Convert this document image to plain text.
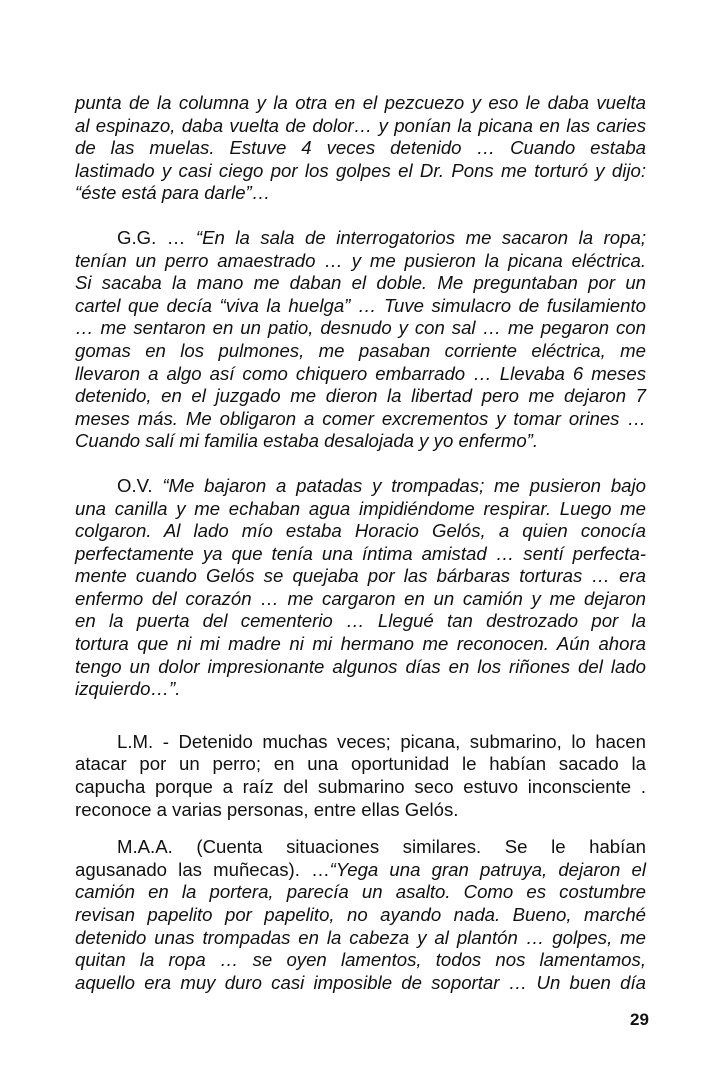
punta de la columna y la otra en el pezcuezo y eso le daba vuelta
al espinazo, daba vuelta de dolor… y ponían la picana en las caries
de las muelas. Estuve 4 veces detenido … Cuando estaba
lastimado y casi ciego por los golpes el Dr. Pons me torturó y dijo:
“éste está para darle”…
G.G. … “En la sala de interrogatorios me sacaron la ropa;
tenían un perro amaestrado … y me pusieron la picana eléctrica.
Si sacaba la mano me daban el doble. Me preguntaban por un
cartel que decía “viva la huelga” … Tuve simulacro de fusilamiento
… me sentaron en un patio, desnudo y con sal … me pegaron con
gomas en los pulmones, me pasaban corriente eléctrica, me
llevaron a algo así como chiquero embarrado … Llevaba 6 meses
detenido, en el juzgado me dieron la libertad pero me dejaron 7
meses más. Me obligaron a comer excrementos y tomar orines …
Cuando salí mi familia estaba desalojada y yo enfermo”.
O.V. “Me bajaron a patadas y trompadas; me pusieron bajo
una canilla y me echaban agua impidiéndome respirar. Luego me
colgaron. Al lado mío estaba Horacio Gelós, a quien conocía
perfectamente ya que tenía una íntima amistad … sentí perfecta-
mente cuando Gelós se quejaba por las bárbaras torturas … era
enfermo del corazón … me cargaron en un camión y me dejaron
en la puerta del cementerio … Llegué tan destrozado por la
tortura que ni mi madre ni mi hermano me reconocen. Aún ahora
tengo un dolor impresionante algunos días en los riñones del lado
izquierdo…”.
L.M. - Detenido muchas veces; picana, submarino, lo hacen
atacar por un perro; en una oportunidad le habían sacado la
capucha porque a raíz del submarino seco estuvo inconsciente .
reconoce a varias personas, entre ellas Gelós.
M.A.A. (Cuenta situaciones similares. Se le habían
agusanado las muñecas). …“Yega una gran patruya, dejaron el
camión en la portera, parecía un asalto. Como es costumbre
revisan papelito por papelito, no ayando nada. Bueno, marché
detenido unas trompadas en la cabeza y al plantón … golpes, me
quitan la ropa … se oyen lamentos, todos nos lamentamos,
aquello era muy duro casi imposible de soportar … Un buen día
29
